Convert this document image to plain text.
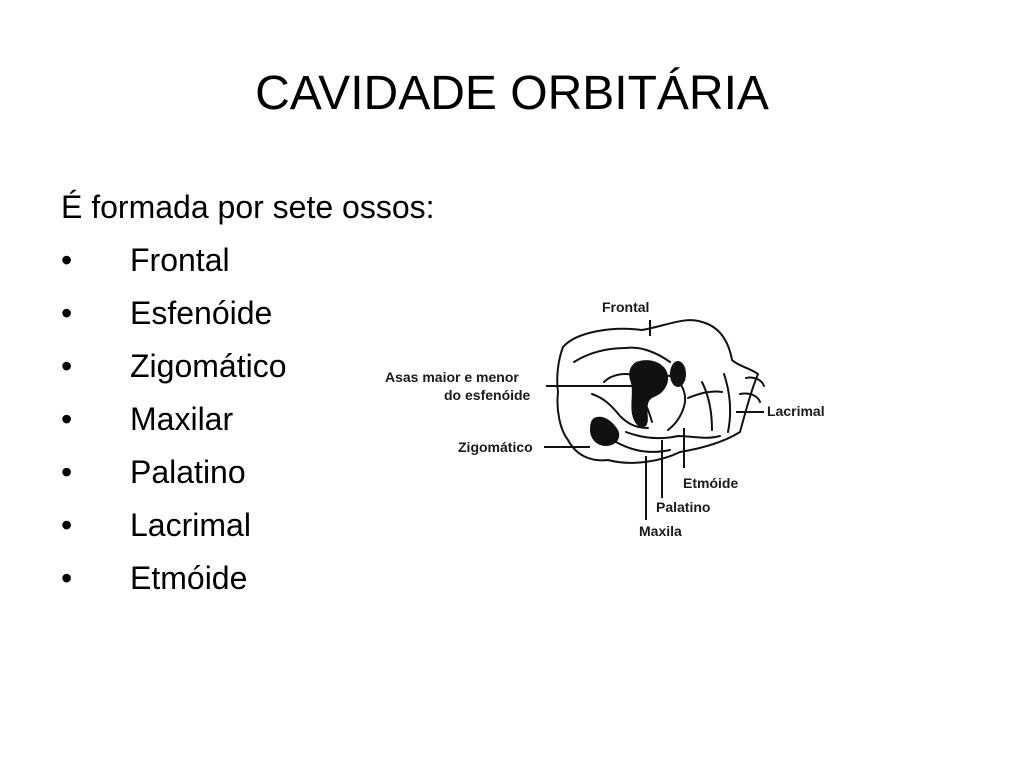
CAVIDADE ORBITÁRIA
É formada por sete ossos:
• Frontal
• Esfenóide
• Zigomático
• Maxilar
• Palatino
• Lacrimal
• Etmóide
Frontal
Asas maior e menor
do esfenóide
Lacrimal
Zigomático
Etmóide
Palatino
Maxila
